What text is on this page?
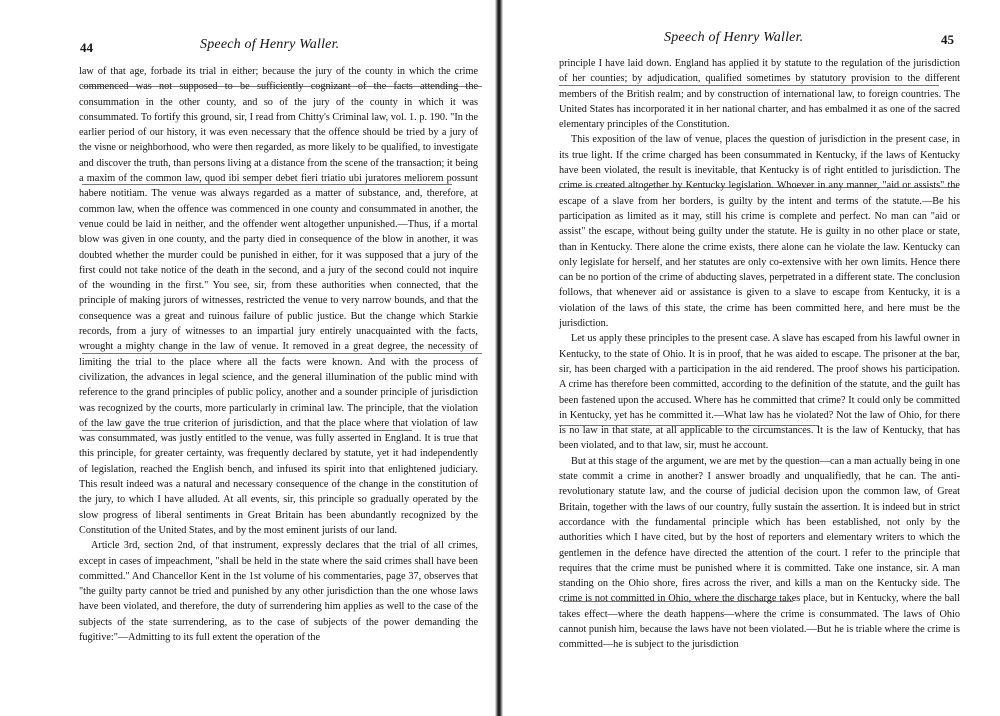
44	Speech of Henry Waller.

law of that age, forbade its trial in either; because the jury of the county in which the crime commenced was not supposed to be sufficiently cognizant of the facts attending the consummation in the other county, and so of the jury of the county in which it was consummated. To fortify this ground, sir, I read from Chitty's Criminal law, vol. 1. p. 190. "In the earlier period of our history, it was even necessary that the offence should be tried by a jury of the visne or neighborhood, who were then regarded, as more likely to be qualified, to investigate and discover the truth, than persons living at a distance from the scene of the transaction; it being a maxim of the common law, quod ibi semper debet fieri triatio ubi juratores meliorem possunt habere notitiam. The venue was always regarded as a matter of substance, and, therefore, at common law, when the offence was commenced in one county and consummated in another, the venue could be laid in neither, and the offender went altogether unpunished.—Thus, if a mortal blow was given in one county, and the party died in consequence of the blow in another, it was doubted whether the murder could be punished in either, for it was supposed that a jury of the first could not take notice of the death in the second, and a jury of the second could not inquire of the wounding in the first." You see, sir, from these authorities when connected, that the principle of making jurors of witnesses, restricted the venue to very narrow bounds, and that the consequence was a great and ruinous failure of public justice. But the change which Starkie records, from a jury of witnesses to an impartial jury entirely unacquainted with the facts, wrought a mighty change in the law of venue. It removed in a great degree, the necessity of limiting the trial to the place where all the facts were known. And with the process of civilization, the advances in legal science, and the general illumination of the public mind with reference to the grand principles of public policy, another and a sounder principle of jurisdiction was recognized by the courts, more particularly in criminal law. The principle, that the violation of the law gave the true criterion of jurisdiction, and that the place where that violation of law was consummated, was justly entitled to the venue, was fully asserted in England. It is true that this principle, for greater certainty, was frequently declared by statute, yet it had independently of legislation, reached the English bench, and infused its spirit into that enlightened judiciary. This result indeed was a natural and necessary consequence of the change in the constitution of the jury, to which I have alluded. At all events, sir, this principle so gradually operated by the slow progress of liberal sentiments in Great Britain has been abundantly recognized by the Constitution of the United States, and by the most eminent jurists of our land.

Article 3rd, section 2nd, of that instrument, expressly declares that the trial of all crimes, except in cases of impeachment, "shall be held in the state where the said crimes shall have been committed." And Chancellor Kent in the 1st volume of his commentaries, page 37, observes that "the guilty party cannot be tried and punished by any other jurisdiction than the one whose laws have been violated, and therefore, the duty of surrendering him applies as well to the case of the subjects of the state surrendering, as to the case of subjects of the power demanding the fugitive:"—Admitting to its full extent the operation of the

Speech of Henry Waller.	45

principle I have laid down. England has applied it by statute to the regulation of the jurisdiction of her counties; by adjudication, qualified sometimes by statutory provision to the different members of the British realm; and by construction of international law, to foreign countries. The United States has incorporated it in her national charter, and has embalmed it as one of the sacred elementary principles of the Constitution.

This exposition of the law of venue, places the question of jurisdiction in the present case, in its true light. If the crime charged has been consummated in Kentucky, if the laws of Kentucky have been violated, the result is inevitable, that Kentucky is of right entitled to jurisdiction. The crime is created altogether by Kentucky legislation. Whoever in any manner, "aid or assists" the escape of a slave from her borders, is guilty by the intent and terms of the statute.—Be his participation as limited as it may, still his crime is complete and perfect. No man can "aid or assist" the escape, without being guilty under the statute. He is guilty in no other place or state, than in Kentucky. There alone the crime exists, there alone can he violate the law. Kentucky can only legislate for herself, and her statutes are only co-extensive with her own limits. Hence there can be no portion of the crime of abducting slaves, perpetrated in a different state. The conclusion follows, that whenever aid or assistance is given to a slave to escape from Kentucky, it is a violation of the laws of this state, the crime has been committed here, and here must be the jurisdiction.

Let us apply these principles to the present case. A slave has escaped from his lawful owner in Kentucky, to the state of Ohio. It is in proof, that he was aided to escape. The prisoner at the bar, sir, has been charged with a participation in the aid rendered. The proof shows his participation. A crime has therefore been committed, according to the definition of the statute, and the guilt has been fastened upon the accused. Where has he committed that crime? It could only be committed in Kentucky, yet has he committed it.—What law has he violated? Not the law of Ohio, for there is no law in that state, at all applicable to the circumstances. It is the law of Kentucky, that has been violated, and to that law, sir, must he account.

But at this stage of the argument, we are met by the question—can a man actually being in one state commit a crime in another? I answer broadly and unqualifiedly, that he can. The anti-revolutionary statute law, and the course of judicial decision upon the common law, of Great Britain, together with the laws of our country, fully sustain the assertion. It is indeed but in strict accordance with the fundamental principle which has been established, not only by the authorities which I have cited, but by the host of reporters and elementary writers to which the gentlemen in the defence have directed the attention of the court. I refer to the principle that requires that the crime must be punished where it is committed. Take one instance, sir. A man standing on the Ohio shore, fires across the river, and kills a man on the Kentucky side. The crime is not committed in Ohio, where the discharge takes place, but in Kentucky, where the ball takes effect—where the death happens—where the crime is consummated. The laws of Ohio cannot punish him, because the laws have not been violated.—But he is triable where the crime is committed—he is subject to the jurisdiction
